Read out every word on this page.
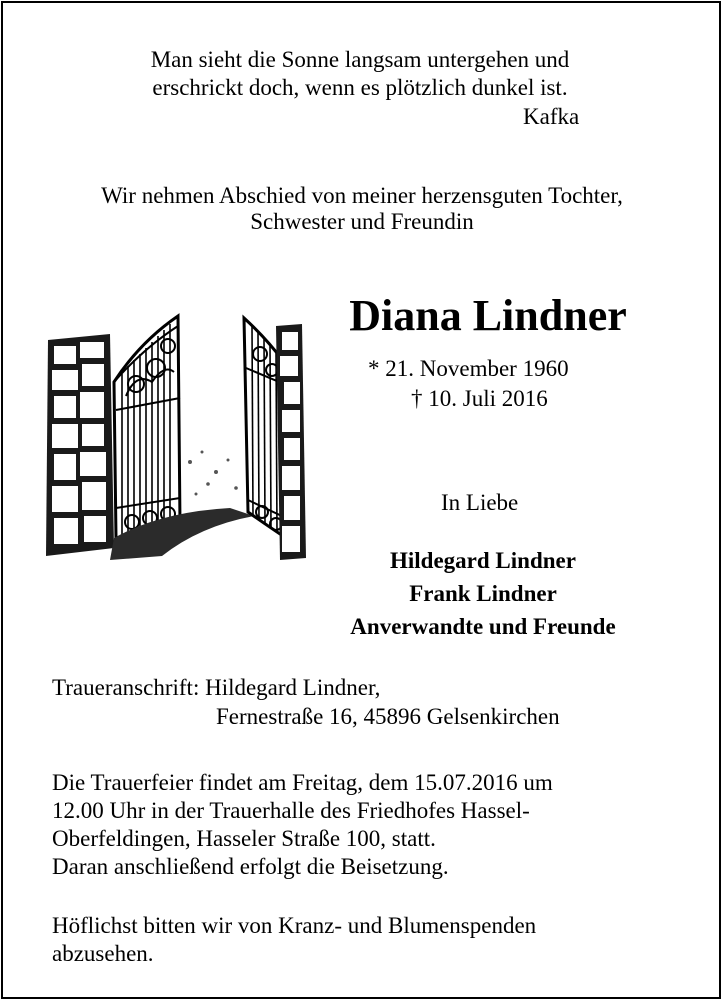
Man sieht die Sonne langsam untergehen und
erschrickt doch, wenn es plötzlich dunkel ist.
Kafka
Wir nehmen Abschied von meiner herzensguten Tochter,
Schwester und Freundin
Diana Lindner
* 21. November 1960
† 10. Juli 2016
In Liebe
Hildegard Lindner
Frank Lindner
Anverwandte und Freunde
Traueranschrift: Hildegard Lindner,
Fernestraße 16, 45896 Gelsenkirchen
Die Trauerfeier findet am Freitag, dem 15.07.2016 um
12.00 Uhr in der Trauerhalle des Friedhofes Hassel-
Oberfeldingen, Hasseler Straße 100, statt.
Daran anschließend erfolgt die Beisetzung.
Höflichst bitten wir von Kranz- und Blumenspenden
abzusehen.
